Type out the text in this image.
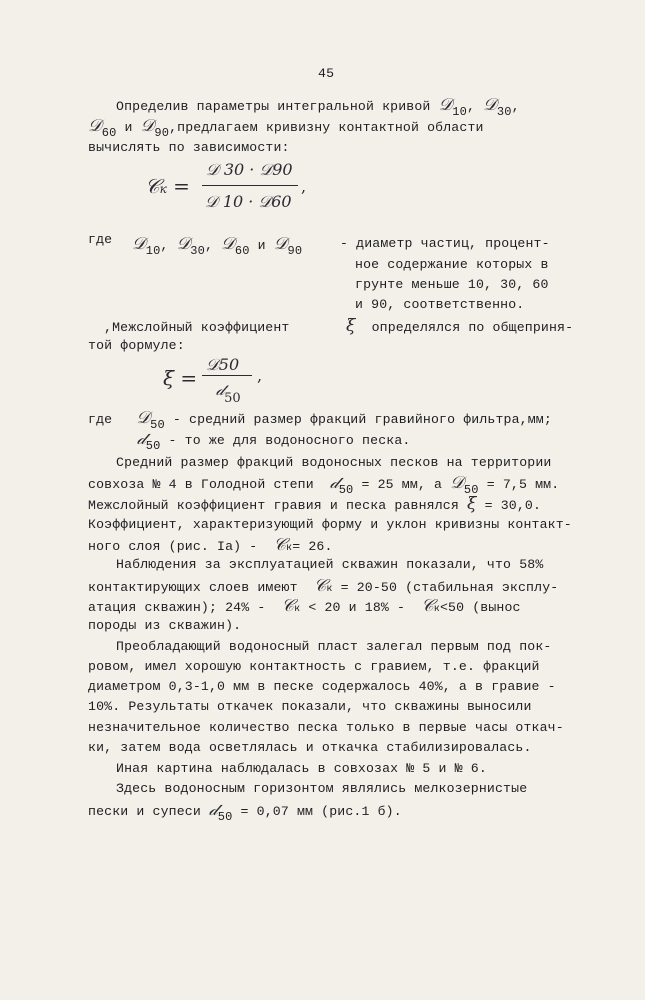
45
Определив параметры интегральной кривой 𝒟10, 𝒟30,
𝒟60 и 𝒟90,предлагаем кривизну контактной области
вычислять по зависимости:
𝒞к =
𝒟 30 · 𝒟90
𝒟 10 · 𝒟60
,
где 𝒟10, 𝒟30, 𝒟60 и 𝒟90	- диаметр частиц, процент-
ное содержание которых в
грунте меньше 10, 30, 60
и 90, соответственно.
,Межслойный коэффициент	ξ определялся по общеприня-
той формуле:
ξ =
𝒟50
𝒹$_{50}$
,
где 𝒟50 - средний размер фракций гравийного фильтра,мм;
𝒹50 - то же для водоносного песка.
Средний размер фракций водоносных песков на территории
совхоза № 4 в Голодной степи 𝒹50 = 25 мм, а 𝒟50 = 7,5 мм.
Межслойный коэффициент гравия и песка равнялся ξ = 30,0.
Коэффициент, характеризующий форму и уклон кривизны контакт-
ного слоя (рис. Ia) - 𝒞к= 26.
Наблюдения за эксплуатацией скважин показали, что 58%
контактирующих слоев имеют 𝒞к = 20-50 (стабильная эксплу-
атация скважин); 24% - 𝒞к < 20 и 18% - 𝒞к<50 (вынос
породы из скважин).
Преобладающий водоносный пласт залегал первым под пок-
ровом, имел хорошую контактность с гравием, т.е. фракций
диаметром 0,3-1,0 мм в песке содержалось 40%, а в гравие -
10%. Результаты откачек показали, что скважины выносили
незначительное количество песка только в первые часы откач-
ки, затем вода осветлялась и откачка стабилизировалась.
Иная картина наблюдалась в совхозах № 5 и № 6.
Здесь водоносным горизонтом являлись мелкозернистые
пески и супеси 𝒹50 = 0,07 мм (рис.1 б).
